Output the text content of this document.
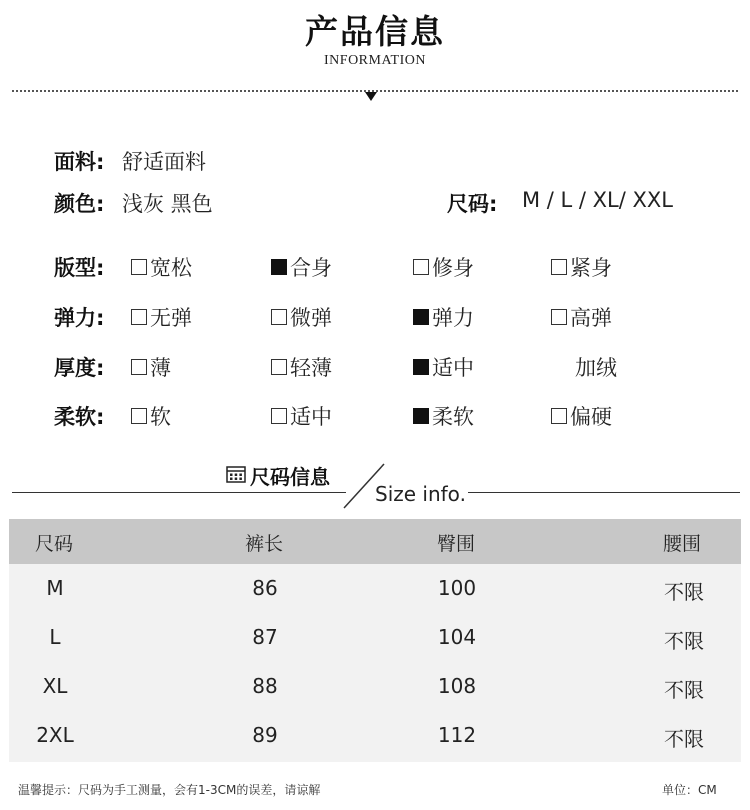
产品信息
INFORMATION
面料: 舒适面料
颜色: 浅灰 黑色	尺码: M / L / XL/ XXL
版型: 宽松	合身	修身	紧身
弹力: 无弹	微弹	弹力	高弹
厚度: 薄	轻薄	适中	加绒
柔软: 软	适中	柔软	偏硬
尺码信息
Size info.
尺码	裤长	臀围	腰围
M	86	100	不限
L	87	104	不限
XL	88	108	不限
2XL	89	112	不限
温馨提示：尺码为手工测量，会有1-3CM的误差，请谅解	单位：CM
